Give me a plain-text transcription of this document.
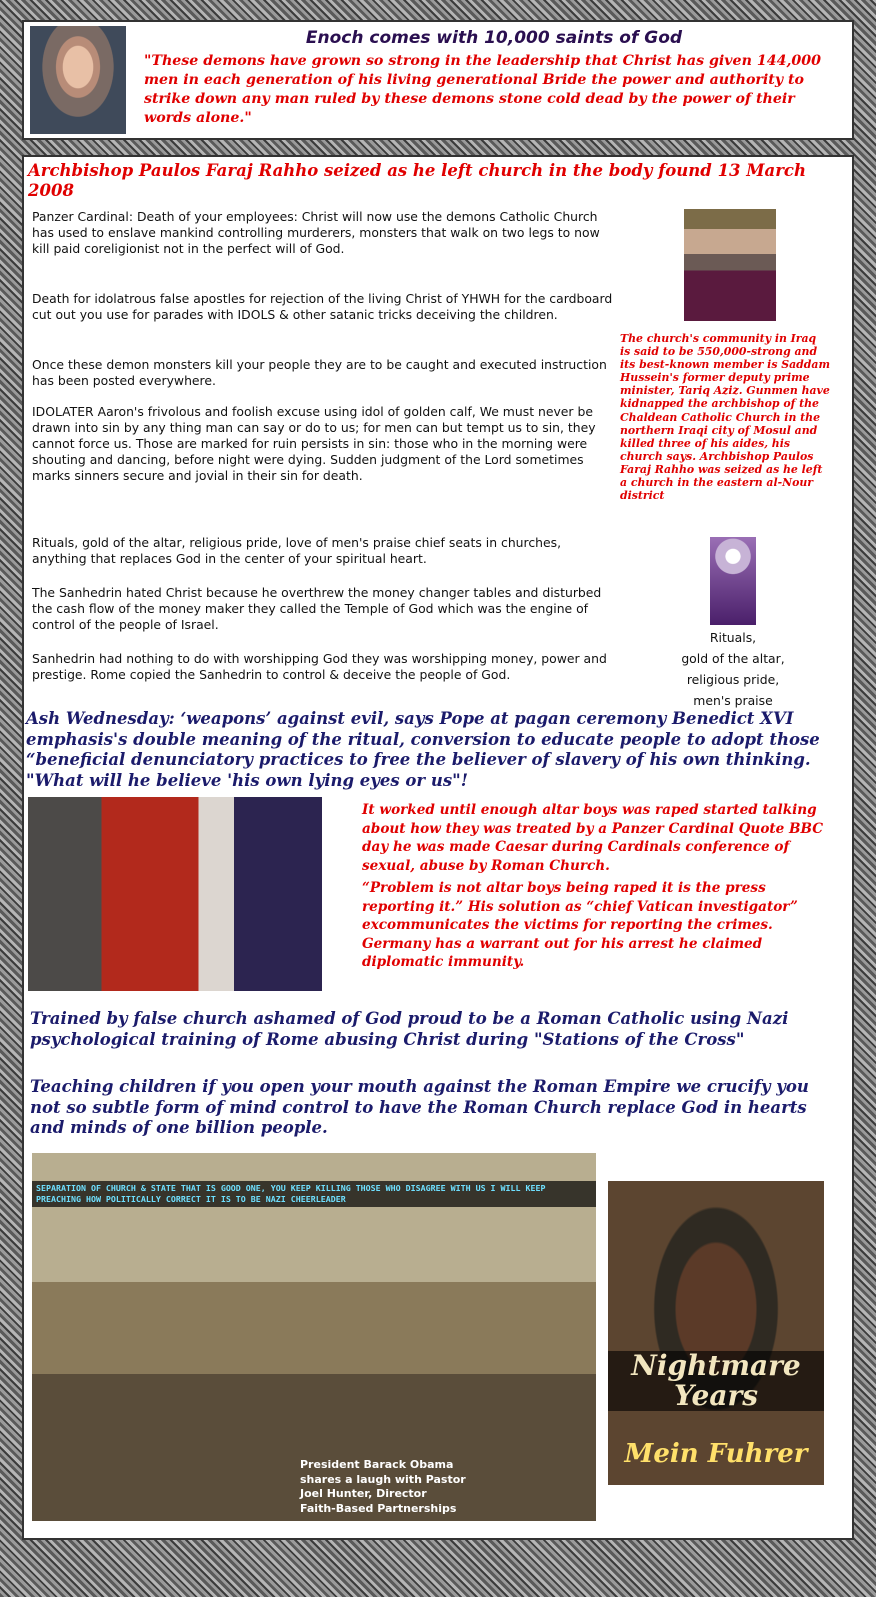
Enoch comes with 10,000 saints of God
"These demons have grown so strong in the leadership that Christ has given 144,000 men in each generation of his living generational Bride the power and authority to strike down any man ruled by these demons stone cold dead by the power of their words alone."
Archbishop Paulos Faraj Rahho seized as he left church in the body found 13 March 2008

Panzer Cardinal: Death of your employees: Christ will now use the demons Catholic Church has used to enslave mankind controlling murderers, monsters that walk on two legs to now kill paid coreligionist not in the perfect will of God.

Death for idolatrous false apostles for rejection of the living Christ of YHWH for the cardboard cut out you use for parades with IDOLS & other satanic tricks deceiving the children.

Once these demon monsters kill your people they are to be caught and executed instruction has been posted everywhere.

IDOLATER Aaron's frivolous and foolish excuse using idol of golden calf, We must never be drawn into sin by any thing man can say or do to us; for men can but tempt us to sin, they cannot force us. Those are marked for ruin persists in sin: those who in the morning were shouting and dancing, before night were dying. Sudden judgment of the Lord sometimes marks sinners secure and jovial in their sin for death.

Rituals, gold of the altar, religious pride, love of men's praise chief seats in churches, anything that replaces God in the center of your spiritual heart.

The Sanhedrin hated Christ because he overthrew the money changer tables and disturbed the cash flow of the money maker they called the Temple of God which was the engine of control of the people of Israel.

Sanhedrin had nothing to do with worshipping God they was worshipping money, power and prestige. Rome copied the Sanhedrin to control & deceive the people of God.

The church's community in Iraq is said to be 550,000-strong and its best-known member is Saddam Hussein's former deputy prime minister, Tariq Aziz. Gunmen have kidnapped the archbishop of the Chaldean Catholic Church in the northern Iraqi city of Mosul and killed three of his aides, his church says. Archbishop Paulos Faraj Rahho was seized as he left a church in the eastern al-Nour district
Rituals,
gold of the altar,
religious pride,
men's praise
Ash Wednesday: ‘weapons’ against evil, says Pope at pagan ceremony Benedict XVI emphasis's double meaning of the ritual, conversion to educate people to adopt those “beneficial denunciatory practices to free the believer of slavery of his own thinking. "What will he believe 'his own lying eyes or us"!

It worked until enough altar boys was raped started talking about how they was treated by a Panzer Cardinal Quote BBC day he was made Caesar during Cardinals conference of sexual, abuse by Roman Church.

“Problem is not altar boys being raped it is the press reporting it.” His solution as “chief Vatican investigator” excommunicates the victims for reporting the crimes. Germany has a warrant out for his arrest he claimed diplomatic immunity.

Trained by false church ashamed of God proud to be a Roman Catholic using Nazi psychological training of Rome abusing Christ during "Stations of the Cross"

Teaching children if you open your mouth against the Roman Empire we crucify you not so subtle form of mind control to have the Roman Church replace God in hearts and minds of one billion people.

SEPARATION OF CHURCH & STATE THAT IS GOOD ONE, YOU KEEP KILLING THOSE WHO DISAGREE WITH US I WILL KEEP PREACHING HOW POLITICALLY CORRECT IT IS TO BE NAZI CHEERLEADER
President Barack Obama
shares a laugh with Pastor
Joel Hunter, Director
Faith-Based Partnerships
Nightmare
Years
Mein Fuhrer
